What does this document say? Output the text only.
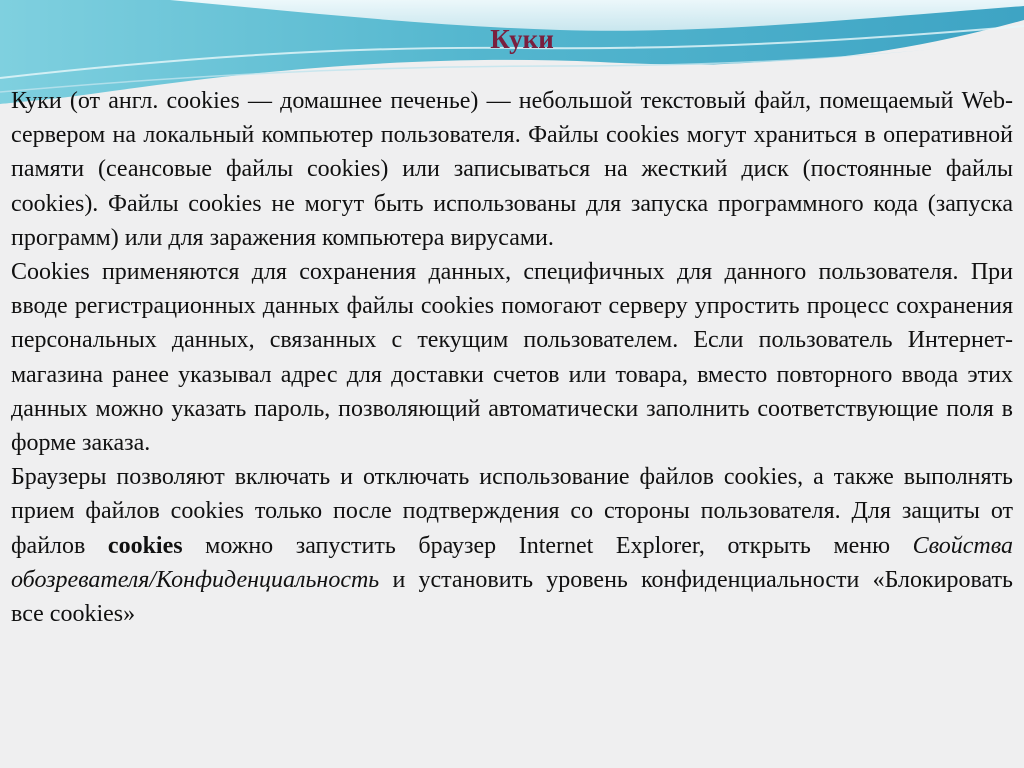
Куки

Куки (от англ. cookies — домашнее печенье) — небольшой текстовый файл, помещаемый Web-сервером на локальный компьютер пользователя. Файлы cookies могут храниться в оперативной памяти (сеансовые файлы cookies) или записываться на жесткий диск (постоянные файлы cookies). Файлы cookies не могут быть использованы для запуска программного кода (запуска программ) или для заражения компьютера вирусами.

Cookies применяются для сохранения данных, специфичных для данного пользователя. При вводе регистрационных данных файлы cookies помогают серверу упростить процесс сохранения персональных данных, связанных с текущим пользователем. Если пользователь Интернет-магазина ранее указывал адрес для доставки счетов или товара, вместо повторного ввода этих данных можно указать пароль, позволяющий автоматически заполнить соответствующие поля в форме заказа.

Браузеры позволяют включать и отключать использование файлов cookies, а также выполнять прием файлов cookies только после подтверждения со стороны пользователя. Для защиты от файлов cookies можно запустить браузер Internet Explorer, открыть меню Свойства обозревателя/Конфиденциальность и установить уровень конфиденциальности «Блокировать все cookies»
